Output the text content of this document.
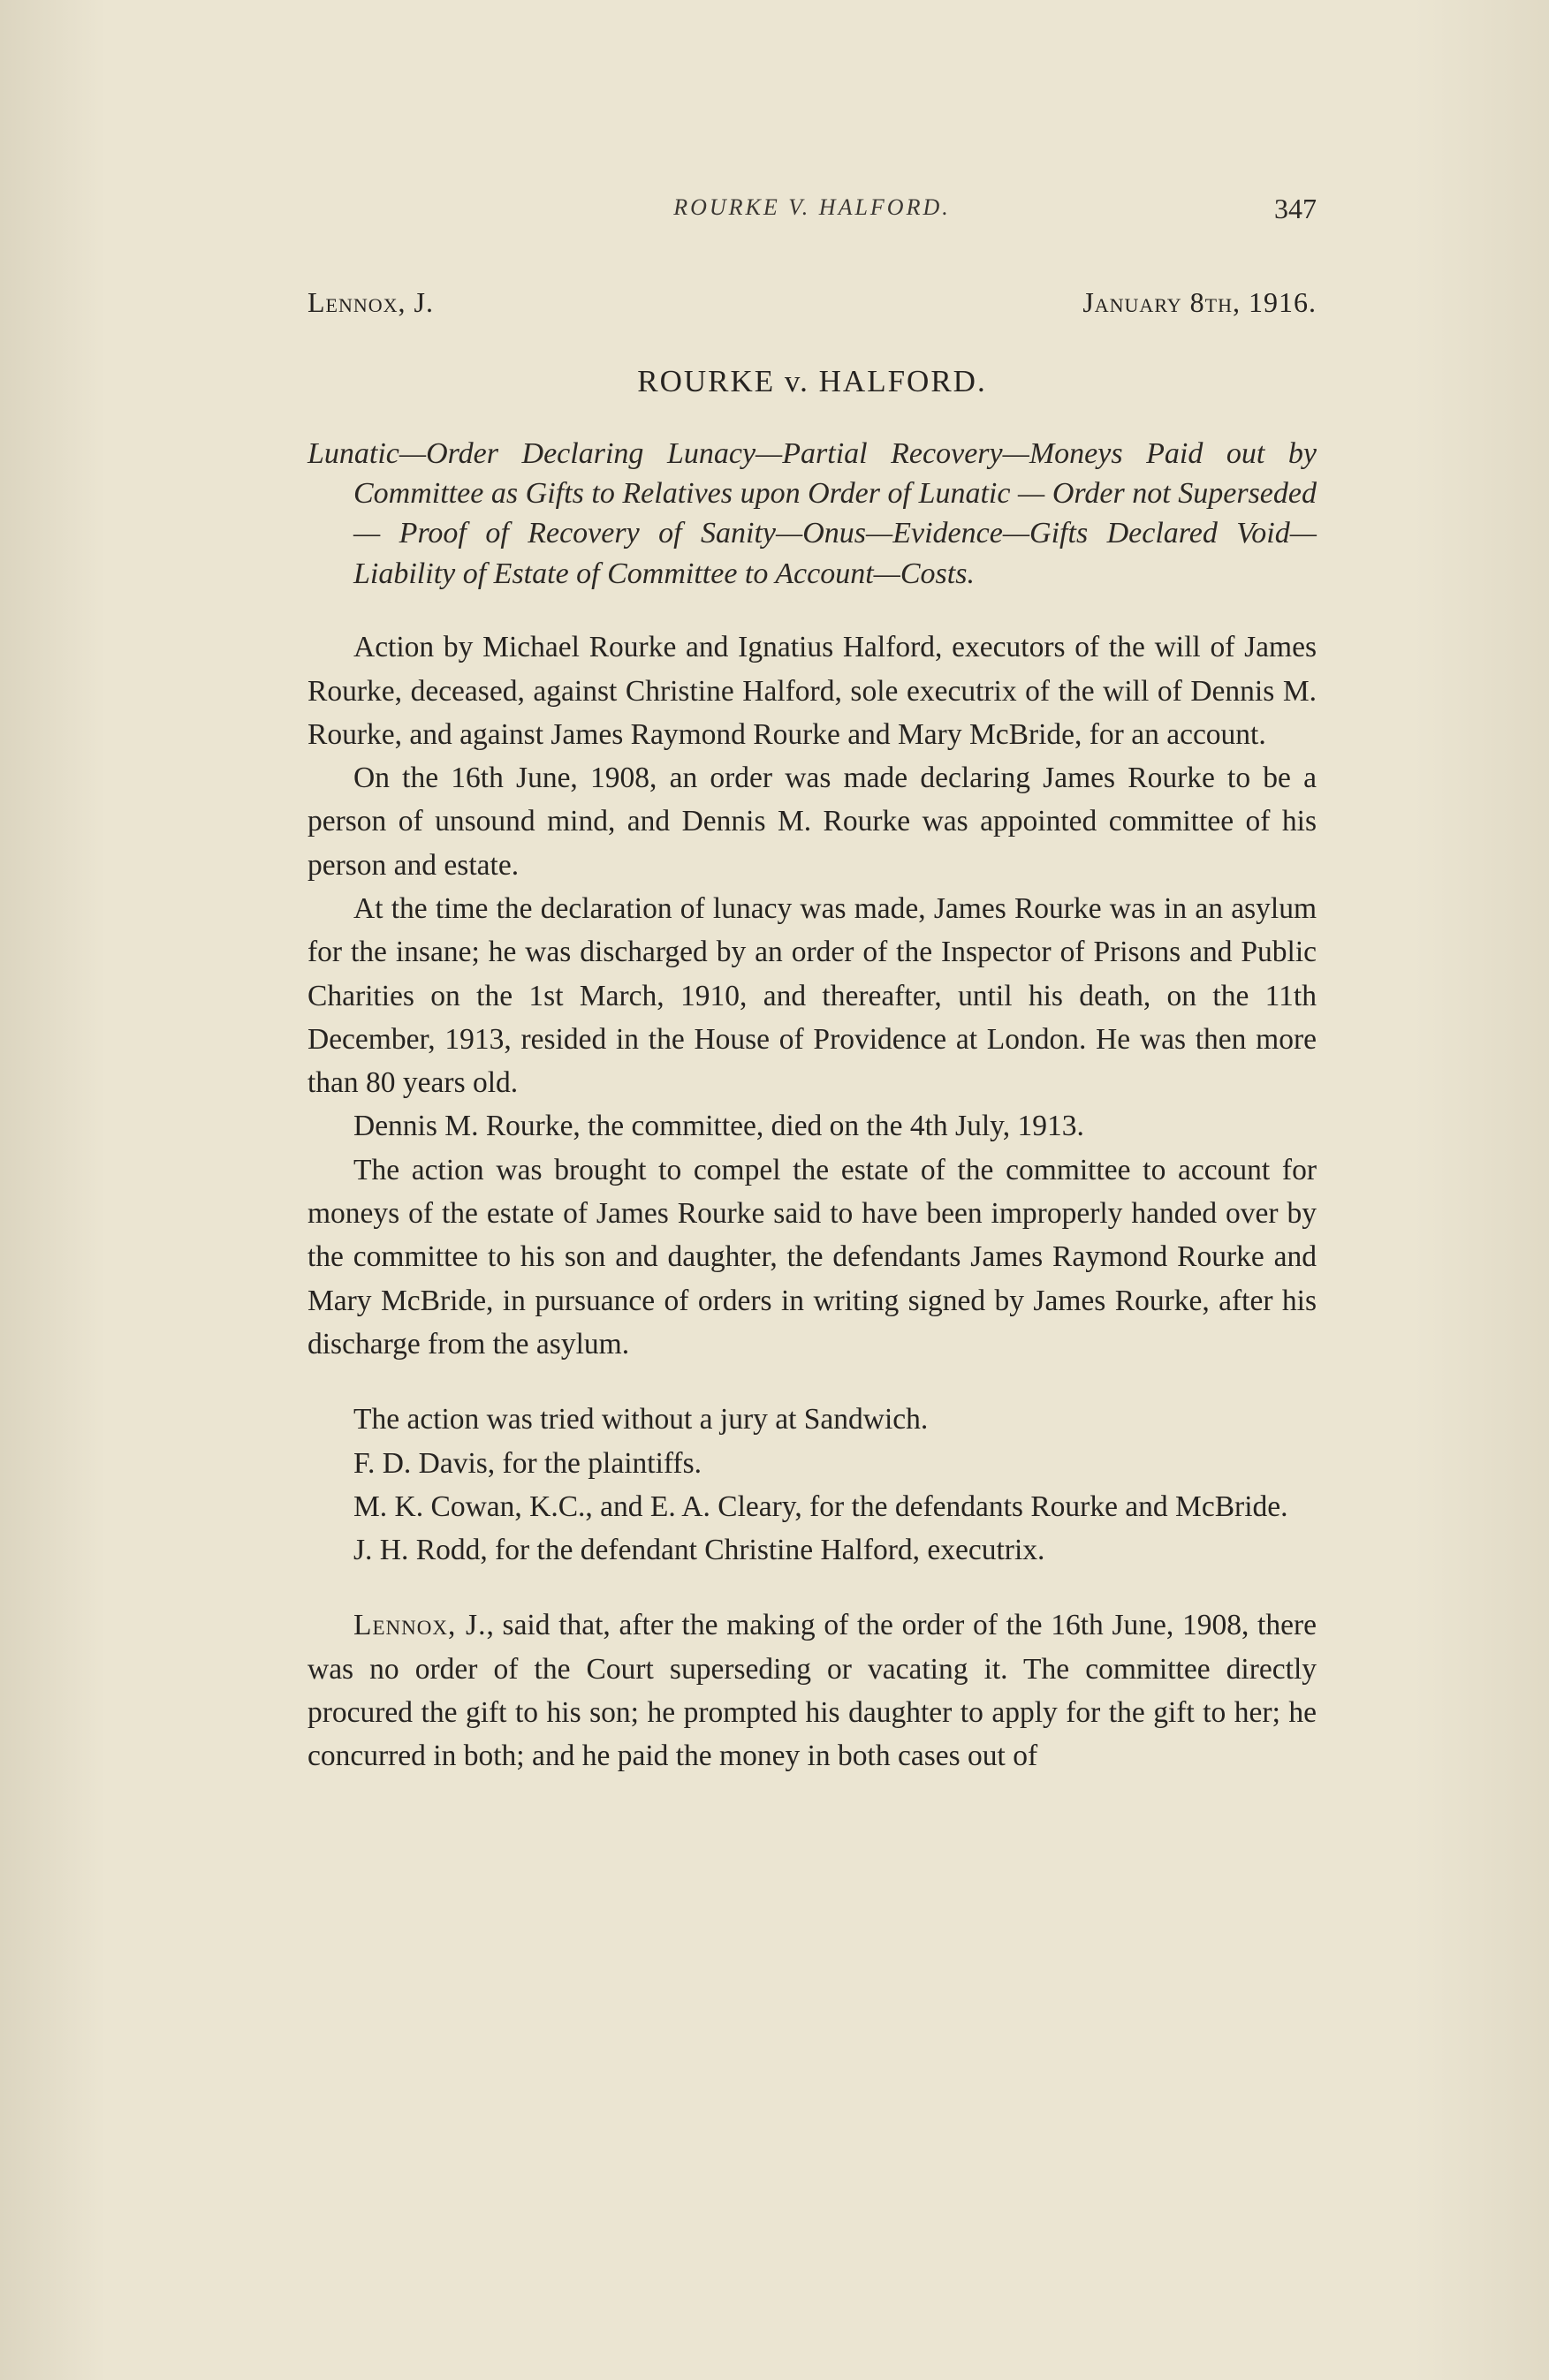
ROURKE V. HALFORD.	347
Lennox, J.	January 8th, 1916.
ROURKE v. HALFORD.

Lunatic—Order Declaring Lunacy—Partial Recovery—Moneys Paid out by Committee as Gifts to Relatives upon Order of Lunatic — Order not Superseded — Proof of Recovery of Sanity—Onus—Evidence—Gifts Declared Void—Liability of Estate of Committee to Account—Costs.

Action by Michael Rourke and Ignatius Halford, executors of the will of James Rourke, deceased, against Christine Halford, sole executrix of the will of Dennis M. Rourke, and against James Raymond Rourke and Mary McBride, for an account.

On the 16th June, 1908, an order was made declaring James Rourke to be a person of unsound mind, and Dennis M. Rourke was appointed committee of his person and estate.

At the time the declaration of lunacy was made, James Rourke was in an asylum for the insane; he was discharged by an order of the Inspector of Prisons and Public Charities on the 1st March, 1910, and thereafter, until his death, on the 11th December, 1913, resided in the House of Providence at London. He was then more than 80 years old.

Dennis M. Rourke, the committee, died on the 4th July, 1913.

The action was brought to compel the estate of the committee to account for moneys of the estate of James Rourke said to have been improperly handed over by the committee to his son and daughter, the defendants James Raymond Rourke and Mary McBride, in pursuance of orders in writing signed by James Rourke, after his discharge from the asylum.

The action was tried without a jury at Sandwich.

F. D. Davis, for the plaintiffs.

M. K. Cowan, K.C., and E. A. Cleary, for the defendants Rourke and McBride.

J. H. Rodd, for the defendant Christine Halford, executrix.

Lennox, J., said that, after the making of the order of the 16th June, 1908, there was no order of the Court superseding or vacating it. The committee directly procured the gift to his son; he prompted his daughter to apply for the gift to her; he concurred in both; and he paid the money in both cases out of
